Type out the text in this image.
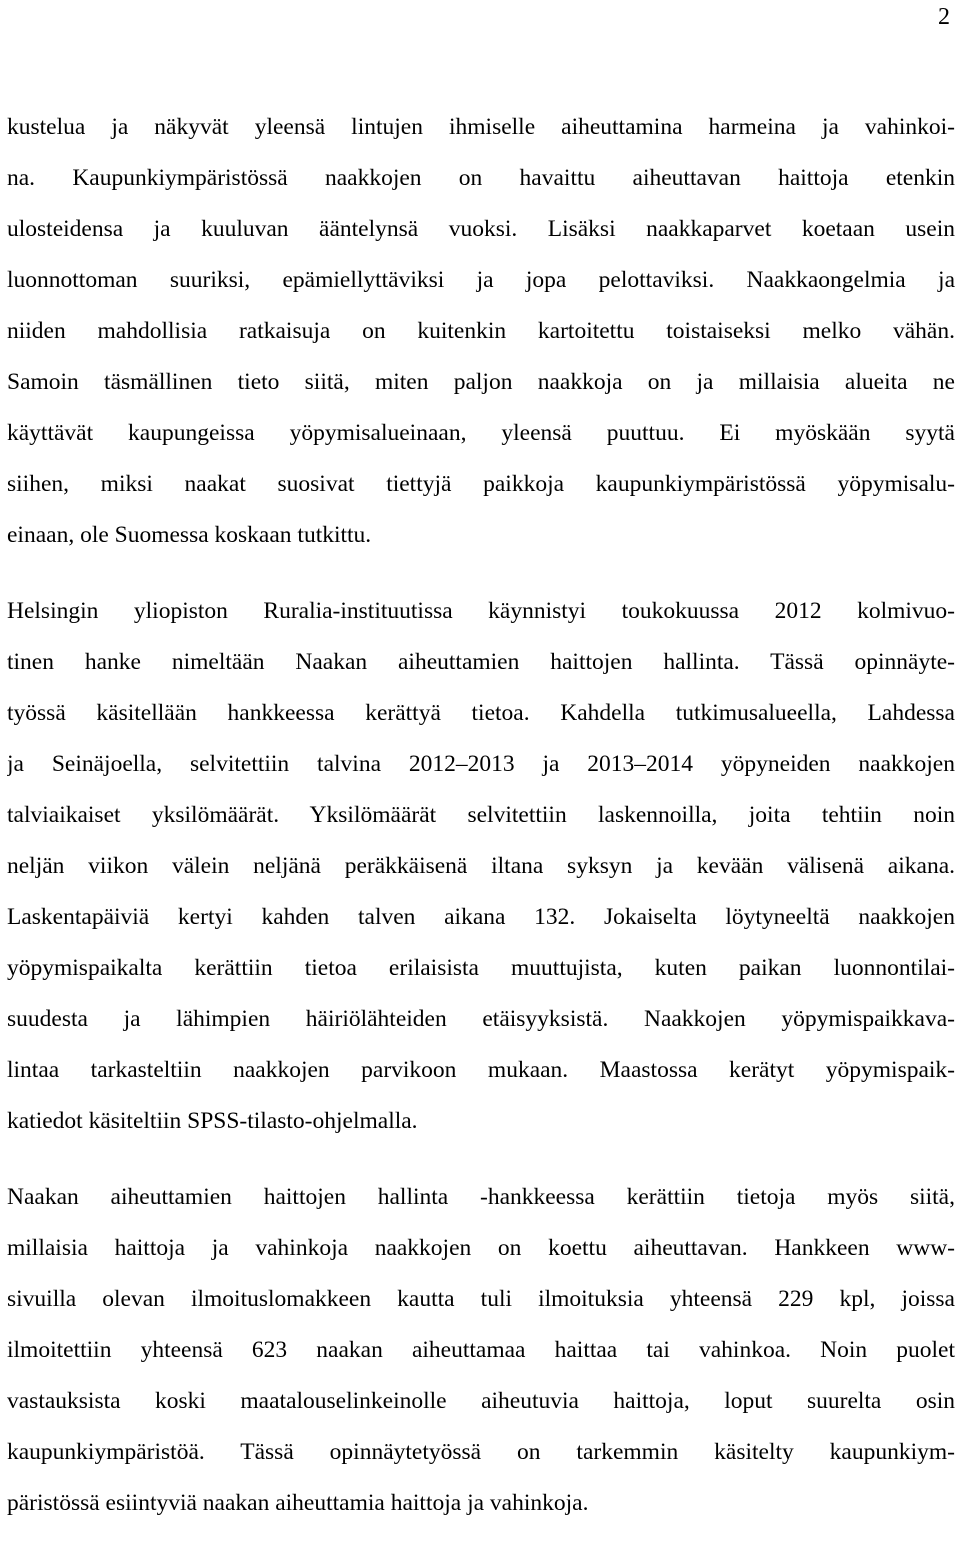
2
kustelua ja näkyvät yleensä lintujen ihmiselle aiheuttamina harmeina ja vahinkoi-
na. Kaupunkiympäristössä naakkojen on havaittu aiheuttavan haittoja etenkin
ulosteidensa ja kuuluvan ääntelynsä vuoksi. Lisäksi naakkaparvet koetaan usein
luonnottoman suuriksi, epämiellyttäviksi ja jopa pelottaviksi. Naakkaongelmia ja
niiden mahdollisia ratkaisuja on kuitenkin kartoitettu toistaiseksi melko vähän.
Samoin täsmällinen tieto siitä, miten paljon naakkoja on ja millaisia alueita ne
käyttävät kaupungeissa yöpymisalueinaan, yleensä puuttuu. Ei myöskään syytä
siihen, miksi naakat suosivat tiettyjä paikkoja kaupunkiympäristössä yöpymisalu-
einaan, ole Suomessa koskaan tutkittu.
Helsingin yliopiston Ruralia-instituutissa käynnistyi toukokuussa 2012 kolmivuo-
tinen hanke nimeltään Naakan aiheuttamien haittojen hallinta. Tässä opinnäyte-
työssä käsitellään hankkeessa kerättyä tietoa. Kahdella tutkimusalueella, Lahdessa
ja Seinäjoella, selvitettiin talvina 2012–2013 ja 2013–2014 yöpyneiden naakkojen
talviaikaiset yksilömäärät. Yksilömäärät selvitettiin laskennoilla, joita tehtiin noin
neljän viikon välein neljänä peräkkäisenä iltana syksyn ja kevään välisenä aikana.
Laskentapäiviä kertyi kahden talven aikana 132. Jokaiselta löytyneeltä naakkojen
yöpymispaikalta kerättiin tietoa erilaisista muuttujista, kuten paikan luonnontilai-
suudesta ja lähimpien häiriölähteiden etäisyyksistä. Naakkojen yöpymispaikkava-
lintaa tarkasteltiin naakkojen parvikoon mukaan. Maastossa kerätyt yöpymispaik-
katiedot käsiteltiin SPSS-tilasto-ohjelmalla.
Naakan aiheuttamien haittojen hallinta -hankkeessa kerättiin tietoja myös siitä,
millaisia haittoja ja vahinkoja naakkojen on koettu aiheuttavan. Hankkeen www-
sivuilla olevan ilmoituslomakkeen kautta tuli ilmoituksia yhteensä 229 kpl, joissa
ilmoitettiin yhteensä 623 naakan aiheuttamaa haittaa tai vahinkoa. Noin puolet
vastauksista koski maatalouselinkeinolle aiheutuvia haittoja, loput suurelta osin
kaupunkiympäristöä. Tässä opinnäytetyössä on tarkemmin käsitelty kaupunkiym-
päristössä esiintyviä naakan aiheuttamia haittoja ja vahinkoja.
